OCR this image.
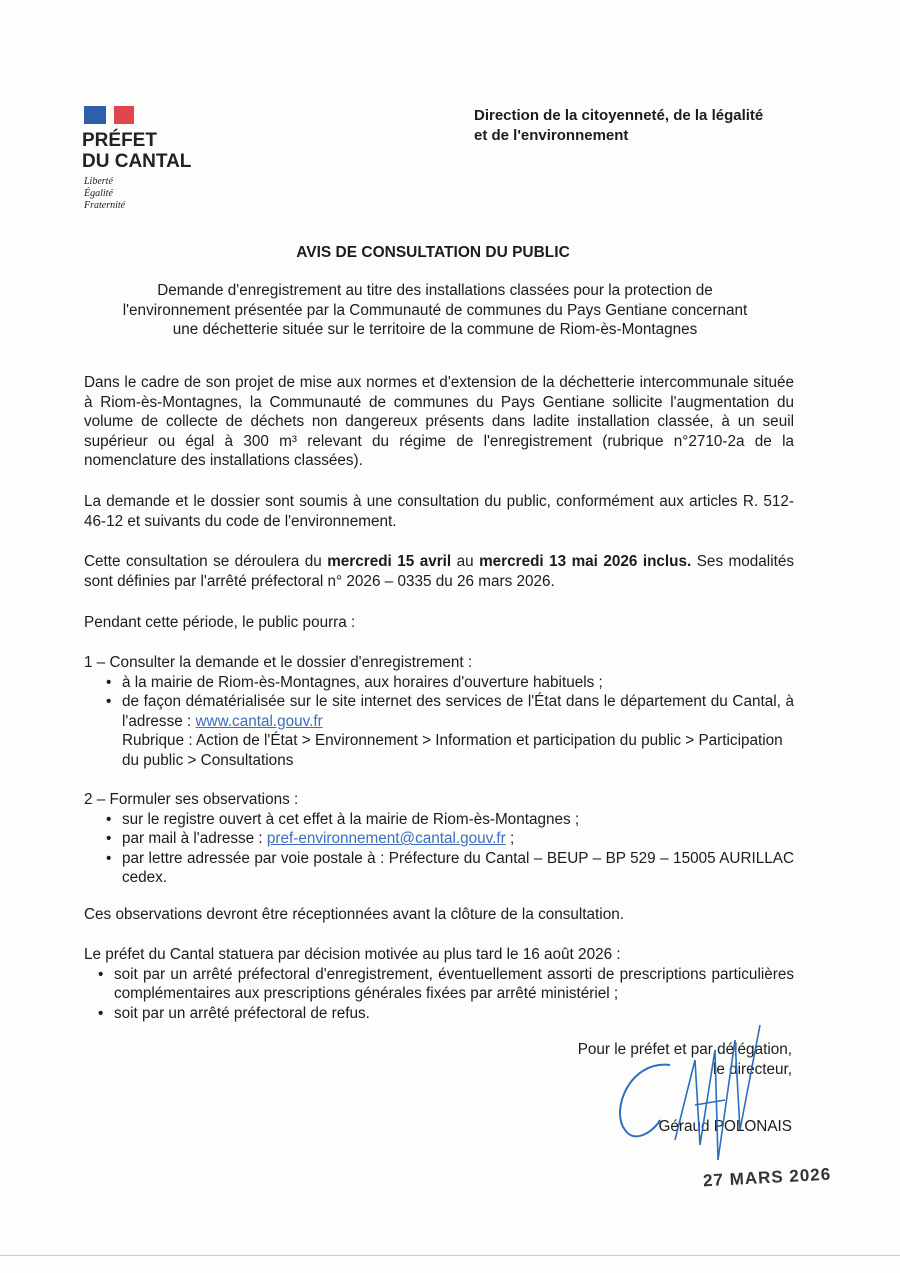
PRÉFET
DU CANTAL
Liberté
Égalité
Fraternité
Direction de la citoyenneté, de la légalité
et de l'environnement
AVIS DE CONSULTATION DU PUBLIC
Demande d'enregistrement au titre des installations classées pour la protection de
l'environnement présentée par la Communauté de communes du Pays Gentiane concernant
une déchetterie située sur le territoire de la commune de Riom-ès-Montagnes
Dans le cadre de son projet de mise aux normes et d'extension de la déchetterie intercommunale située à Riom-ès-Montagnes, la Communauté de communes du Pays Gentiane sollicite l'augmentation du volume de collecte de déchets non dangereux présents dans ladite installation classée, à un seuil supérieur ou égal à 300 m³ relevant du régime de l'enregistrement (rubrique n°2710-2a de la nomenclature des installations classées).
La demande et le dossier sont soumis à une consultation du public, conformément aux articles R. 512-46-12 et suivants du code de l'environnement.
Cette consultation se déroulera du mercredi 15 avril au mercredi 13 mai 2026 inclus. Ses modalités sont définies par l'arrêté préfectoral n° 2026 – 0335 du 26 mars 2026.
Pendant cette période, le public pourra :
1 – Consulter la demande et le dossier d'enregistrement :
• à la mairie de Riom-ès-Montagnes, aux horaires d'ouverture habituels ;
• de façon dématérialisée sur le site internet des services de l'État dans le département du Cantal, à l'adresse : www.cantal.gouv.fr
Rubrique : Action de l'État > Environnement > Information et participation du public > Participation du public > Consultations
2 – Formuler ses observations :
• sur le registre ouvert à cet effet à la mairie de Riom-ès-Montagnes ;
• par mail à l'adresse : pref-environnement@cantal.gouv.fr ;
• par lettre adressée par voie postale à : Préfecture du Cantal – BEUP – BP 529 – 15005 AURILLAC cedex.
Ces observations devront être réceptionnées avant la clôture de la consultation.
Le préfet du Cantal statuera par décision motivée au plus tard le 16 août 2026 :
• soit par un arrêté préfectoral d'enregistrement, éventuellement assorti de prescriptions particulières complémentaires aux prescriptions générales fixées par arrêté ministériel ;
• soit par un arrêté préfectoral de refus.
Pour le préfet et par délégation,
le directeur,
Géraud POLONAIS
27 MARS 2026
